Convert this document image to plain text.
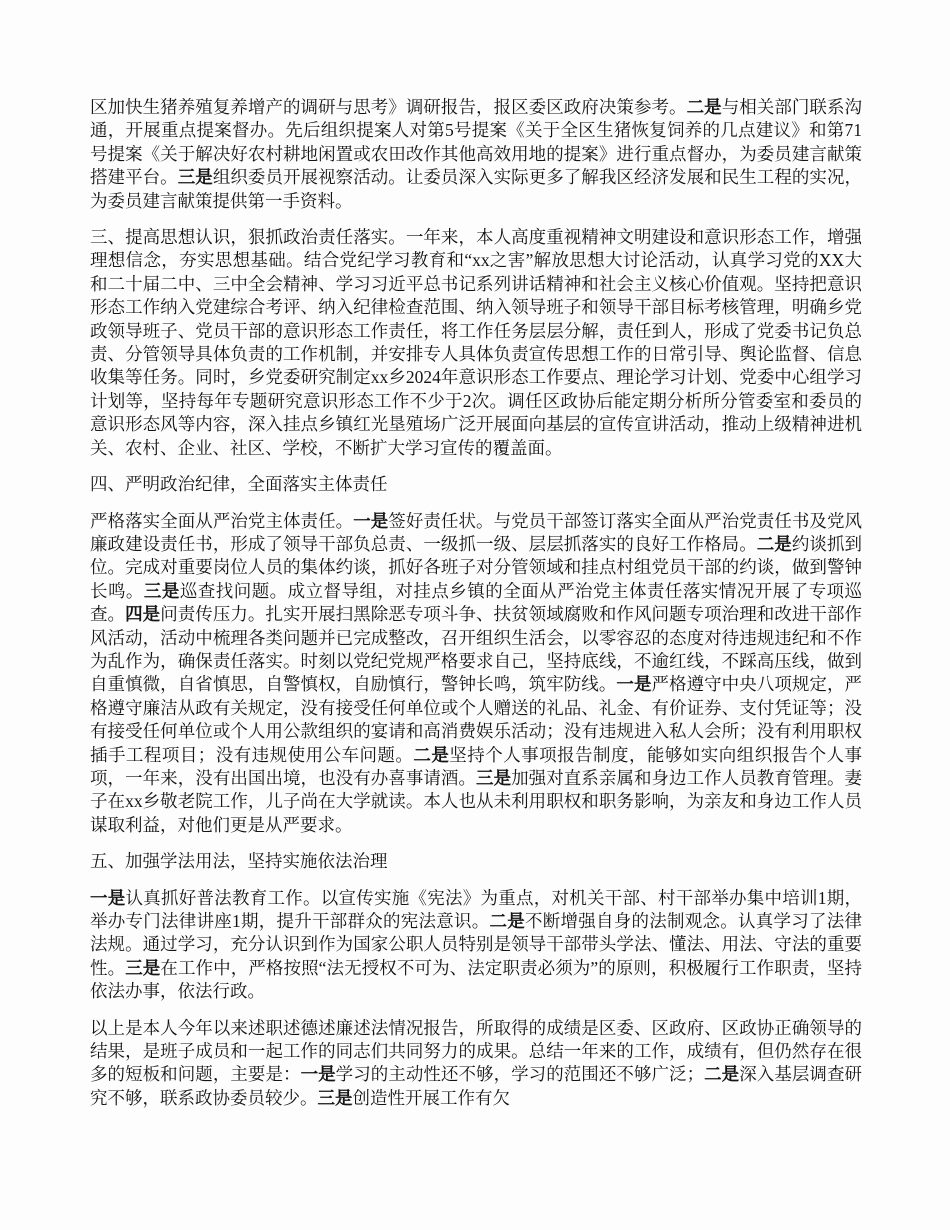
区加快生猪养殖复养增产的调研与思考》调研报告，报区委区政府决策参考。二是与相关部门联系沟通，开展重点提案督办。先后组织提案人对第5号提案《关于全区生猪恢复饲养的几点建议》和第71号提案《关于解决好农村耕地闲置或农田改作其他高效用地的提案》进行重点督办，为委员建言献策搭建平台。三是组织委员开展视察活动。让委员深入实际更多了解我区经济发展和民生工程的实况，为委员建言献策提供第一手资料。

三、提高思想认识，狠抓政治责任落实。一年来，本人高度重视精神文明建设和意识形态工作，增强理想信念，夯实思想基础。结合党纪学习教育和“xx之害”解放思想大讨论活动，认真学习党的XX大和二十届二中、三中全会精神、学习习近平总书记系列讲话精神和社会主义核心价值观。坚持把意识形态工作纳入党建综合考评、纳入纪律检查范围、纳入领导班子和领导干部目标考核管理，明确乡党政领导班子、党员干部的意识形态工作责任，将工作任务层层分解，责任到人，形成了党委书记负总责、分管领导具体负责的工作机制，并安排专人具体负责宣传思想工作的日常引导、舆论监督、信息收集等任务。同时，乡党委研究制定xx乡2024年意识形态工作要点、理论学习计划、党委中心组学习计划等，坚持每年专题研究意识形态工作不少于2次。调任区政协后能定期分析所分管委室和委员的意识形态风等内容，深入挂点乡镇红光垦殖场广泛开展面向基层的宣传宣讲活动，推动上级精神进机关、农村、企业、社区、学校，不断扩大学习宣传的覆盖面。

四、严明政治纪律，全面落实主体责任

严格落实全面从严治党主体责任。一是签好责任状。与党员干部签订落实全面从严治党责任书及党风廉政建设责任书，形成了领导干部负总责、一级抓一级、层层抓落实的良好工作格局。二是约谈抓到位。完成对重要岗位人员的集体约谈，抓好各班子对分管领域和挂点村组党员干部的约谈，做到警钟长鸣。三是巡查找问题。成立督导组，对挂点乡镇的全面从严治党主体责任落实情况开展了专项巡查。四是问责传压力。扎实开展扫黑除恶专项斗争、扶贫领域腐败和作风问题专项治理和改进干部作风活动，活动中梳理各类问题并已完成整改，召开组织生活会，以零容忍的态度对待违规违纪和不作为乱作为，确保责任落实。时刻以党纪党规严格要求自己，坚持底线，不逾红线，不踩高压线，做到自重慎微，自省慎思，自警慎权，自励慎行，警钟长鸣，筑牢防线。一是严格遵守中央八项规定，严格遵守廉洁从政有关规定，没有接受任何单位或个人赠送的礼品、礼金、有价证券、支付凭证等；没有接受任何单位或个人用公款组织的宴请和高消费娱乐活动；没有违规进入私人会所；没有利用职权插手工程项目；没有违规使用公车问题。二是坚持个人事项报告制度，能够如实向组织报告个人事项，一年来，没有出国出境，也没有办喜事请酒。三是加强对直系亲属和身边工作人员教育管理。妻子在xx乡敬老院工作，儿子尚在大学就读。本人也从未利用职权和职务影响，为亲友和身边工作人员谋取利益，对他们更是从严要求。

五、加强学法用法，坚持实施依法治理

一是认真抓好普法教育工作。以宣传实施《宪法》为重点，对机关干部、村干部举办集中培训1期，举办专门法律讲座1期，提升干部群众的宪法意识。二是不断增强自身的法制观念。认真学习了法律法规。通过学习，充分认识到作为国家公职人员特别是领导干部带头学法、懂法、用法、守法的重要性。三是在工作中，严格按照“法无授权不可为、法定职责必须为”的原则，积极履行工作职责，坚持依法办事，依法行政。

以上是本人今年以来述职述德述廉述法情况报告，所取得的成绩是区委、区政府、区政协正确领导的结果，是班子成员和一起工作的同志们共同努力的成果。总结一年来的工作，成绩有，但仍然存在很多的短板和问题，主要是：一是学习的主动性还不够，学习的范围还不够广泛；二是深入基层调查研究不够，联系政协委员较少。三是创造性开展工作有欠
